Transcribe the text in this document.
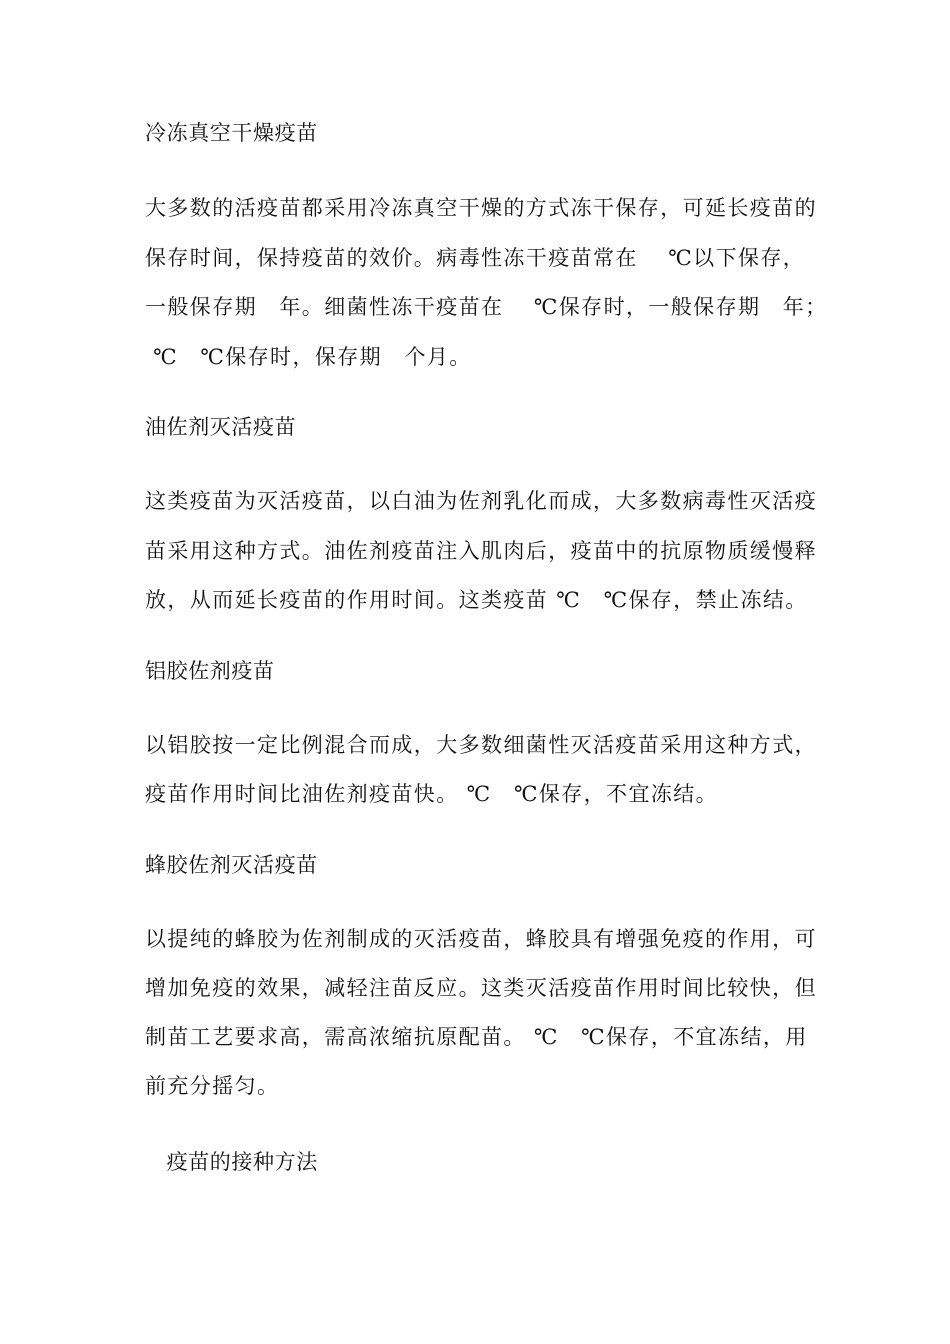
冷冻真空干燥疫苗
大多数的活疫苗都采用冷冻真空干燥的方式冻干保存，可延长疫苗的
保存时间，保持疫苗的效价。病毒性冻干疫苗常在　 ℃以下保存，
一般保存期　年。细菌性冻干疫苗在　 ℃保存时，一般保存期　年；
℃　℃保存时，保存期　个月。
油佐剂灭活疫苗
这类疫苗为灭活疫苗，以白油为佐剂乳化而成，大多数病毒性灭活疫
苗采用这种方式。油佐剂疫苗注入肌肉后，疫苗中的抗原物质缓慢释
放，从而延长疫苗的作用时间。这类疫苗 ℃　℃保存，禁止冻结。
铝胶佐剂疫苗
以铝胶按一定比例混合而成，大多数细菌性灭活疫苗采用这种方式，
疫苗作用时间比油佐剂疫苗快。 ℃　℃保存，不宜冻结。
蜂胶佐剂灭活疫苗
以提纯的蜂胶为佐剂制成的灭活疫苗，蜂胶具有增强免疫的作用，可
增加免疫的效果，减轻注苗反应。这类灭活疫苗作用时间比较快，但
制苗工艺要求高，需高浓缩抗原配苗。 ℃　℃保存，不宜冻结，用
前充分摇匀。
　疫苗的接种方法
